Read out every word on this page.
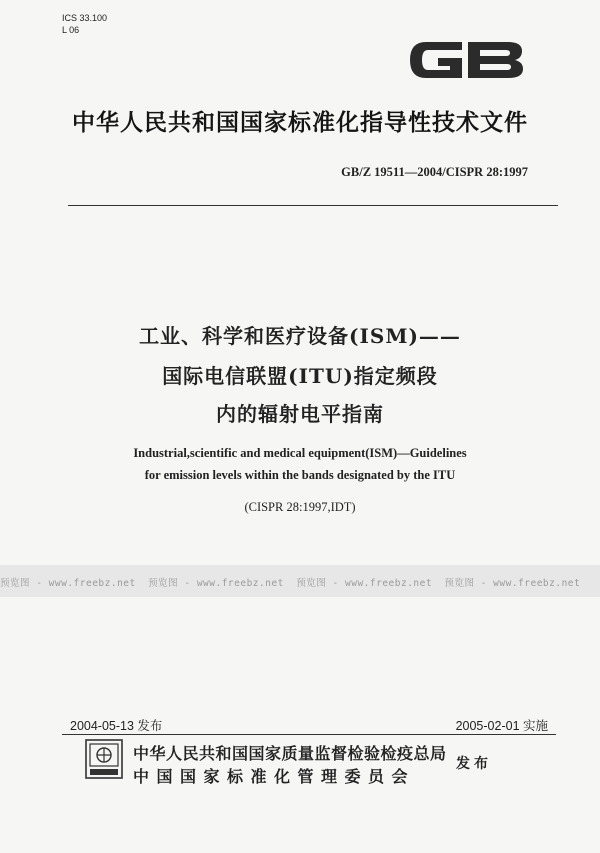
ICS 33.100
L 06
中华人民共和国国家标准化指导性技术文件
GB/Z 19511—2004/CISPR 28:1997
工业、科学和医疗设备(ISM)——
国际电信联盟(ITU)指定频段
内的辐射电平指南
Industrial,scientific and medical equipment(ISM)—Guidelines
for emission levels within the bands designated by the ITU
(CISPR 28:1997,IDT)
预览图 - www.freebz.net  预览图 - www.freebz.net  预览图 - www.freebz.net  预览图 - www.freebz.net
2004-05-13 发布	2005-02-01 实施
中华人民共和国国家质量监督检验检疫总局
中国国家标准化管理委员会
发布
